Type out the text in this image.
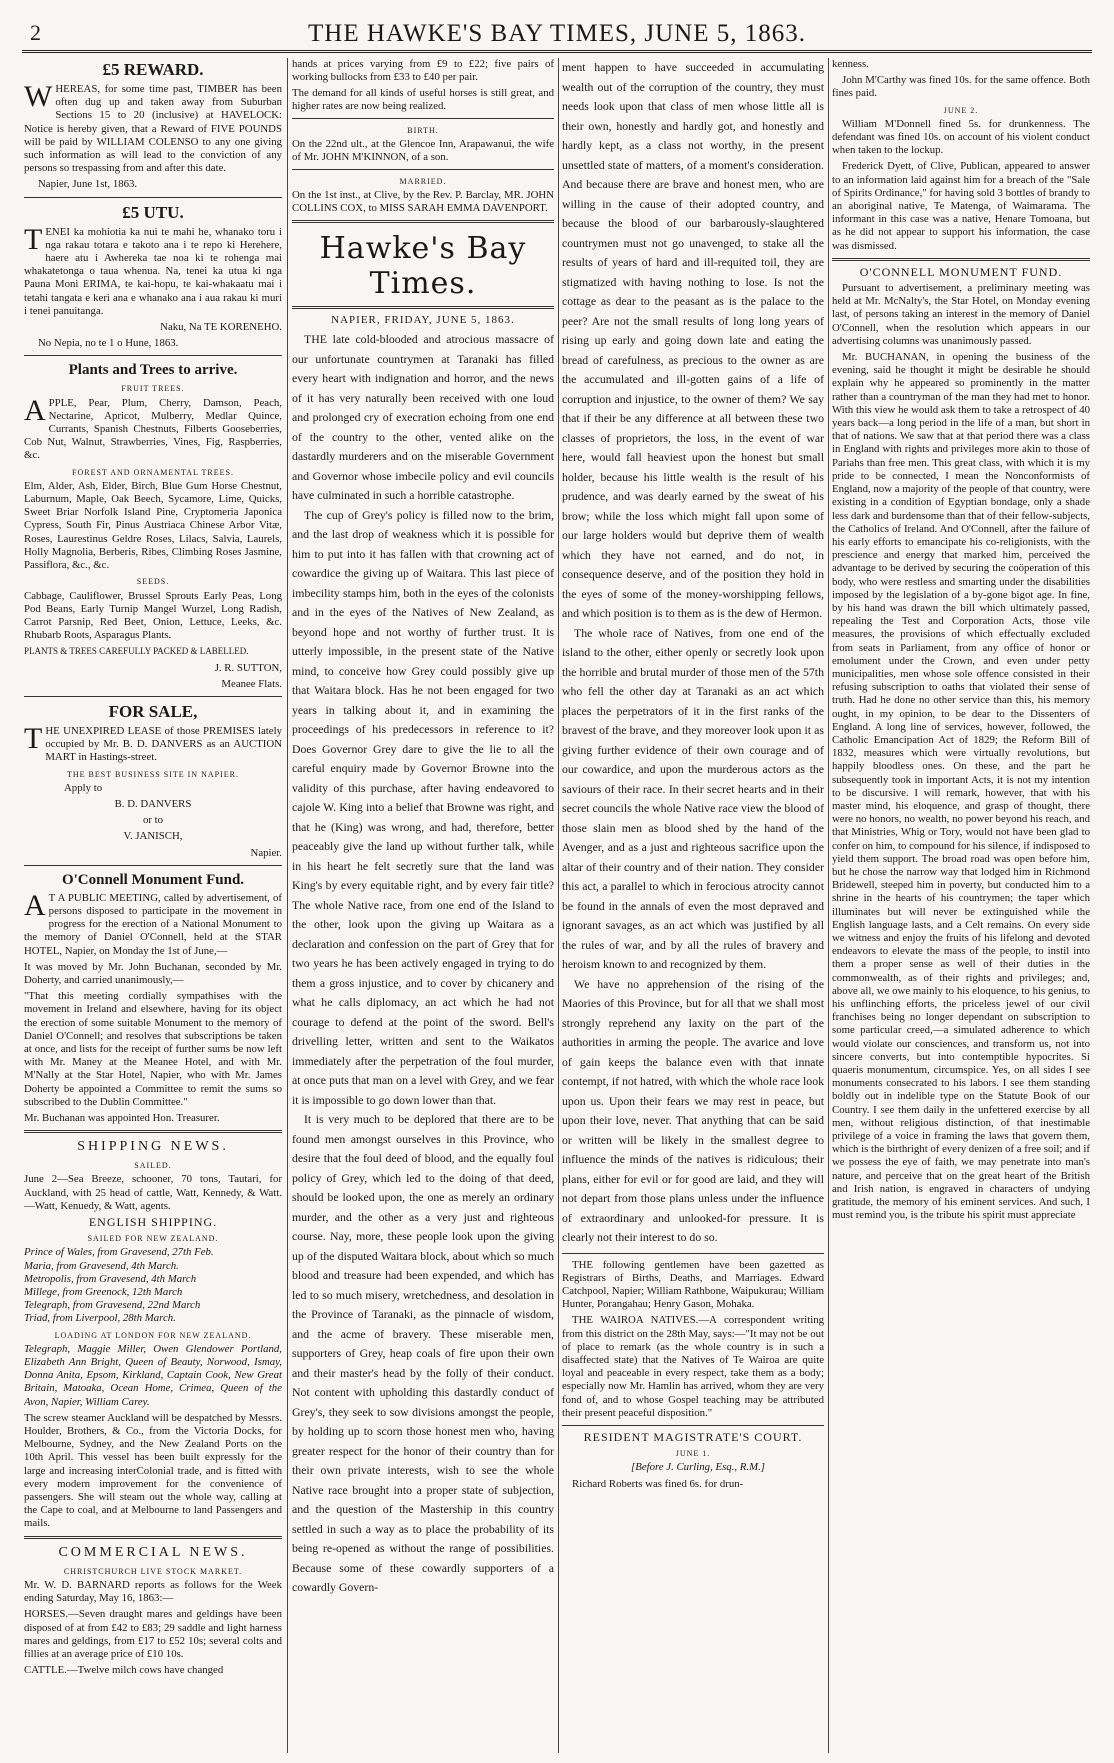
2	THE HAWKE'S BAY TIMES, JUNE 5, 1863.
£5 REWARD.

WHEREAS, for some time past, TIMBER has been often dug up and taken away from Suburban Sections 15 to 20 (inclusive) at HAVELOCK: Notice is hereby given, that a Reward of FIVE POUNDS will be paid by WILLIAM COLENSO to any one giving such information as will lead to the conviction of any persons so trespassing from and after this date.

Napier, June 1st, 1863.

£5 UTU.

TENEI ka mohiotia ka nui te mahi he, whanako toru i nga rakau totara e takoto ana i te repo ki Herehere, haere atu i Awhereka tae noa ki te rohenga mai whakatetonga o taua whenua. Na, tenei ka utua ki nga Pauna Moni ERIMA, te kai-hopu, te kai-whakaatu mai i tetahi tangata e keri ana e whanako ana i aua rakau ki muri i tenei panuitanga.

Naku, Na TE KORENEHO.

No Nepia, no te 1 o Hune, 1863.

Plants and Trees to arrive.
FRUIT TREES.

APPLE, Pear, Plum, Cherry, Damson, Peach, Nectarine, Apricot, Mulberry, Medlar Quince, Currants, Spanish Chestnuts, Filberts Gooseberries, Cob Nut, Walnut, Strawberries, Vines, Fig, Raspberries, &c.

FOREST AND ORNAMENTAL TREES.

Elm, Alder, Ash, Elder, Birch, Blue Gum Horse Chestnut, Laburnum, Maple, Oak Beech, Sycamore, Lime, Quicks, Sweet Briar Norfolk Island Pine, Cryptomeria Japonica Cypress, South Fir, Pinus Austriaca Chinese Arbor Vitæ, Roses, Laurestinus Geldre Roses, Lilacs, Salvia, Laurels, Holly Magnolia, Berberis, Ribes, Climbing Roses Jasmine, Passiflora, &c., &c.

SEEDS.

Cabbage, Cauliflower, Brussel Sprouts Early Peas, Long Pod Beans, Early Turnip Mangel Wurzel, Long Radish, Carrot Parsnip, Red Beet, Onion, Lettuce, Leeks, &c. Rhubarb Roots, Asparagus Plants.

PLANTS & TREES CAREFULLY PACKED & LABELLED.

J. R. SUTTON,

Meanee Flats.

FOR SALE,

THE UNEXPIRED LEASE of those PREMISES lately occupied by Mr. B. D. DANVERS as an AUCTION MART in Hastings-street.

THE BEST BUSINESS SITE IN NAPIER.

Apply to

B. D. DANVERS

or to

V. JANISCH,

Napier.

O'Connell Monument Fund.

A T A PUBLIC MEETING, called by advertisement, of persons disposed to participate in the movement in progress for the erection of a National Monument to the memory of Daniel O'Connell, held at the STAR HOTEL, Napier, on Monday the 1st of June,—

It was moved by Mr. John Buchanan, seconded by Mr. Doherty, and carried unanimously,—

"That this meeting cordially sympathises with the movement in Ireland and elsewhere, having for its object the erection of some suitable Monument to the memory of Daniel O'Connell; and resolves that subscriptions be taken at once, and lists for the receipt of further sums be now left with Mr. Maney at the Meanee Hotel, and with Mr. M'Nally at the Star Hotel, Napier, who with Mr. James Doherty be appointed a Committee to remit the sums so subscribed to the Dublin Committee."

Mr. Buchanan was appointed Hon. Treasurer.

SHIPPING NEWS.
SAILED.

June 2—Sea Breeze, schooner, 70 tons, Tautari, for Auckland, with 25 head of cattle, Watt, Kennedy, & Watt.—Watt, Kenuedy, & Watt, agents.

ENGLISH SHIPPING.
SAILED FOR NEW ZEALAND.

Prince of Wales, from Gravesend, 27th Feb.

Maria, from Gravesend, 4th March.

Metropolis, from Gravesend, 4th March

Millege, from Greenock, 12th March

Telegraph, from Gravesend, 22nd March

Triad, from Liverpool, 28th March.

LOADING AT LONDON FOR NEW ZEALAND.

Telegraph, Maggie Miller, Owen Glendower Portland, Elizabeth Ann Bright, Queen of Beauty, Norwood, Ismay, Donna Anita, Epsom, Kirkland, Captain Cook, New Great Britain, Matoaka, Ocean Home, Crimea, Queen of the Avon, Napier, William Carey.

The screw steamer Auckland will be despatched by Messrs. Houlder, Brothers, & Co., from the Victoria Docks, for Melbourne, Sydney, and the New Zealand Ports on the 10th April. This vessel has been built expressly for the large and increasing interColonial trade, and is fitted with every modern improvement for the convenience of passengers. She will steam out the whole way, calling at the Cape to coal, and at Melbourne to land Passengers and mails.

COMMERCIAL NEWS.
CHRISTCHURCH LIVE STOCK MARKET.

Mr. W. D. BARNARD reports as follows for the Week ending Saturday, May 16, 1863:—

HORSES.—Seven draught mares and geldings have been disposed of at from £42 to £83; 29 saddle and light harness mares and geldings, from £17 to £52 10s; several colts and fillies at an average price of £10 10s.

CATTLE.—Twelve milch cows have changed

hands at prices varying from £9 to £22; five pairs of working bullocks from £33 to £40 per pair.

The demand for all kinds of useful horses is still great, and higher rates are now being realized.

BIRTH.

On the 22nd ult., at the Glencoe Inn, Arapawanui, the wife of Mr. JOHN M'KINNON, of a son.

MARRIED.

On the 1st inst., at Clive, by the Rev. P. Barclay, MR. JOHN COLLINS COX, to MISS SARAH EMMA DAVENPORT.

Hawke's Bay Times.
NAPIER, FRIDAY, JUNE 5, 1863.

THE late cold-blooded and atrocious massacre of our unfortunate countrymen at Taranaki has filled every heart with indignation and horror, and the news of it has very naturally been received with one loud and prolonged cry of execration echoing from one end of the country to the other, vented alike on the dastardly murderers and on the miserable Government and Governor whose imbecile policy and evil councils have culminated in such a horrible catastrophe.

The cup of Grey's policy is filled now to the brim, and the last drop of weakness which it is possible for him to put into it has fallen with that crowning act of cowardice the giving up of Waitara. This last piece of imbecility stamps him, both in the eyes of the colonists and in the eyes of the Natives of New Zealand, as beyond hope and not worthy of further trust. It is utterly impossible, in the present state of the Native mind, to conceive how Grey could possibly give up that Waitara block. Has he not been engaged for two years in talking about it, and in examining the proceedings of his predecessors in reference to it? Does Governor Grey dare to give the lie to all the careful enquiry made by Governor Browne into the validity of this purchase, after having endeavored to cajole W. King into a belief that Browne was right, and that he (King) was wrong, and had, therefore, better peaceably give the land up without further talk, while in his heart he felt secretly sure that the land was King's by every equitable right, and by every fair title? The whole Native race, from one end of the Island to the other, look upon the giving up Waitara as a declaration and confession on the part of Grey that for two years he has been actively engaged in trying to do them a gross injustice, and to cover by chicanery and what he calls diplomacy, an act which he had not courage to defend at the point of the sword. Bell's drivelling letter, written and sent to the Waikatos immediately after the perpetration of the foul murder, at once puts that man on a level with Grey, and we fear it is impossible to go down lower than that.

It is very much to be deplored that there are to be found men amongst ourselves in this Province, who desire that the foul deed of blood, and the equally foul policy of Grey, which led to the doing of that deed, should be looked upon, the one as merely an ordinary murder, and the other as a very just and righteous course. Nay, more, these people look upon the giving up of the disputed Waitara block, about which so much blood and treasure had been expended, and which has led to so much misery, wretchedness, and desolation in the Province of Taranaki, as the pinnacle of wisdom, and the acme of bravery. These miserable men, supporters of Grey, heap coals of fire upon their own and their master's head by the folly of their conduct. Not content with upholding this dastardly conduct of Grey's, they seek to sow divisions amongst the people, by holding up to scorn those honest men who, having greater respect for the honor of their country than for their own private interests, wish to see the whole Native race brought into a proper state of subjection, and the question of the Mastership in this country settled in such a way as to place the probability of its being re-opened as without the range of possibilities. Because some of these cowardly supporters of a cowardly Govern-

ment happen to have succeeded in accumulating wealth out of the corruption of the country, they must needs look upon that class of men whose little all is their own, honestly and hardly got, and honestly and hardly kept, as a class not worthy, in the present unsettled state of matters, of a moment's consideration. And because there are brave and honest men, who are willing in the cause of their adopted country, and because the blood of our barbarously-slaughtered countrymen must not go unavenged, to stake all the results of years of hard and ill-requited toil, they are stigmatized with having nothing to lose. Is not the cottage as dear to the peasant as is the palace to the peer? Are not the small results of long long years of rising up early and going down late and eating the bread of carefulness, as precious to the owner as are the accumulated and ill-gotten gains of a life of corruption and injustice, to the owner of them? We say that if their be any difference at all between these two classes of proprietors, the loss, in the event of war here, would fall heaviest upon the honest but small holder, because his little wealth is the result of his prudence, and was dearly earned by the sweat of his brow; while the loss which might fall upon some of our large holders would but deprive them of wealth which they have not earned, and do not, in consequence deserve, and of the position they hold in the eyes of some of the money-worshipping fellows, and which position is to them as is the dew of Hermon.

The whole race of Natives, from one end of the island to the other, either openly or secretly look upon the horrible and brutal murder of those men of the 57th who fell the other day at Taranaki as an act which places the perpetrators of it in the first ranks of the bravest of the brave, and they moreover look upon it as giving further evidence of their own courage and of our cowardice, and upon the murderous actors as the saviours of their race. In their secret hearts and in their secret councils the whole Native race view the blood of those slain men as blood shed by the hand of the Avenger, and as a just and righteous sacrifice upon the altar of their country and of their nation. They consider this act, a parallel to which in ferocious atrocity cannot be found in the annals of even the most depraved and ignorant savages, as an act which was justified by all the rules of war, and by all the rules of bravery and heroism known to and recognized by them.

We have no apprehension of the rising of the Maories of this Province, but for all that we shall most strongly reprehend any laxity on the part of the authorities in arming the people. The avarice and love of gain keeps the balance even with that innate contempt, if not hatred, with which the whole race look upon us. Upon their fears we may rest in peace, but upon their love, never. That anything that can be said or written will be likely in the smallest degree to influence the minds of the natives is ridiculous; their plans, either for evil or for good are laid, and they will not depart from those plans unless under the influence of extraordinary and unlooked-for pressure. It is clearly not their interest to do so.

THE following gentlemen have been gazetted as Registrars of Births, Deaths, and Marriages. Edward Catchpool, Napier; William Rathbone, Waipukurau; William Hunter, Porangahau; Henry Gason, Mohaka.

THE WAIROA NATIVES.—A correspondent writing from this district on the 28th May, says:—"It may not be out of place to remark (as the whole country is in such a disaffected state) that the Natives of Te Wairoa are quite loyal and peaceable in every respect, take them as a body; especially now Mr. Hamlin has arrived, whom they are very fond of, and to whose Gospel teaching may be attributed their present peaceful disposition."

RESIDENT MAGISTRATE'S COURT.
JUNE 1.

[Before J. Curling, Esq., R.M.]

Richard Roberts was fined 6s. for drun-

kenness.

John M'Carthy was fined 10s. for the same offence. Both fines paid.

JUNE 2.

William M'Donnell fined 5s. for drunkenness. The defendant was fined 10s. on account of his violent conduct when taken to the lockup.

Frederick Dyett, of Clive, Publican, appeared to answer to an information laid against him for a breach of the "Sale of Spirits Ordinance," for having sold 3 bottles of brandy to an aboriginal native, Te Matenga, of Waimarama. The informant in this case was a native, Henare Tomoana, but as he did not appear to support his information, the case was dismissed.

O'CONNELL MONUMENT FUND.

Pursuant to advertisement, a preliminary meeting was held at Mr. McNalty's, the Star Hotel, on Monday evening last, of persons taking an interest in the memory of Daniel O'Connell, when the resolution which appears in our advertising columns was unanimously passed.

Mr. BUCHANAN, in opening the business of the evening, said he thought it might be desirable he should explain why he appeared so prominently in the matter rather than a countryman of the man they had met to honor. With this view he would ask them to take a retrospect of 40 years back—a long period in the life of a man, but short in that of nations. We saw that at that period there was a class in England with rights and privileges more akin to those of Pariahs than free men. This great class, with which it is my pride to be connected, I mean the Nonconformists of England, now a majority of the people of that country, were existing in a condition of Egyptian bondage, only a shade less dark and burdensome than that of their fellow-subjects, the Catholics of Ireland. And O'Connell, after the failure of his early efforts to emancipate his co-religionists, with the prescience and energy that marked him, perceived the advantage to be derived by securing the coöperation of this body, who were restless and smarting under the disabilities imposed by the legislation of a by-gone bigot age. In fine, by his hand was drawn the bill which ultimately passed, repealing the Test and Corporation Acts, those vile measures, the provisions of which effectually excluded from seats in Parliament, from any office of honor or emolument under the Crown, and even under petty municipalities, men whose sole offence consisted in their refusing subscription to oaths that violated their sense of truth. Had he done no other service than this, his memory ought, in my opinion, to be dear to the Dissenters of England. A long line of services, however, followed, the Catholic Emancipation Act of 1829; the Reform Bill of 1832, measures which were virtually revolutions, but happily bloodless ones. On these, and the part he subsequently took in important Acts, it is not my intention to be discursive. I will remark, however, that with his master mind, his eloquence, and grasp of thought, there were no honors, no wealth, no power beyond his reach, and that Ministries, Whig or Tory, would not have been glad to confer on him, to compound for his silence, if indisposed to yield them support. The broad road was open before him, but he chose the narrow way that lodged him in Richmond Bridewell, steeped him in poverty, but conducted him to a shrine in the hearts of his countrymen; the taper which illuminates but will never be extinguished while the English language lasts, and a Celt remains. On every side we witness and enjoy the fruits of his lifelong and devoted endeavors to elevate the mass of the people, to instil into them a proper sense as well of their duties in the commonwealth, as of their rights and privileges; and, above all, we owe mainly to his eloquence, to his genius, to his unflinching efforts, the priceless jewel of our civil franchises being no longer dependant on subscription to some particular creed,—a simulated adherence to which would violate our consciences, and transform us, not into sincere converts, but into contemptible hypocrites. Si quaeris monumentum, circumspice. Yes, on all sides I see monuments consecrated to his labors. I see them standing boldly out in indelible type on the Statute Book of our Country. I see them daily in the unfettered exercise by all men, without religious distinction, of that inestimable privilege of a voice in framing the laws that govern them, which is the birthright of every denizen of a free soil; and if we possess the eye of faith, we may penetrate into man's nature, and perceive that on the great heart of the British and Irish nation, is engraved in characters of undying gratitude, the memory of his eminent services. And such, I must remind you, is the tribute his spirit must appreciate
